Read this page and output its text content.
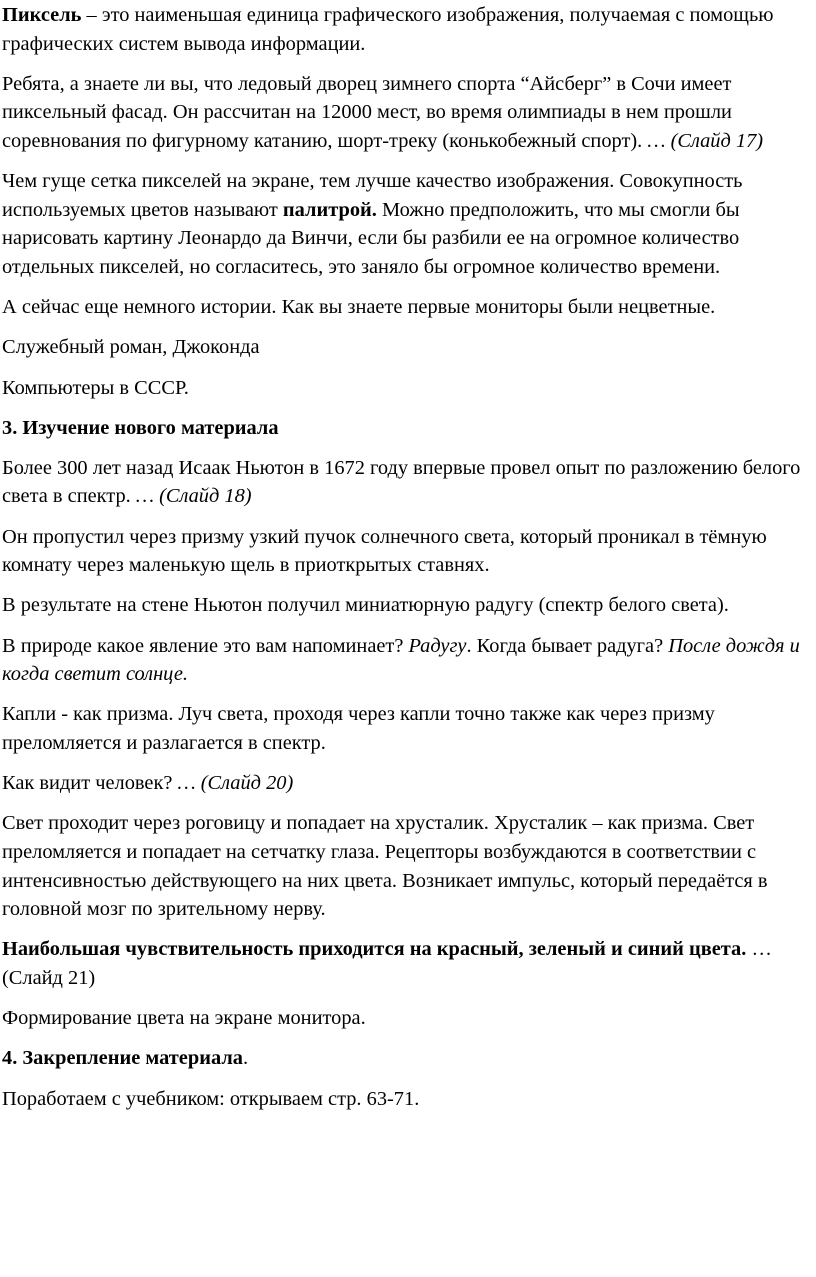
Пиксель – это наименьшая единица графического изображения, получаемая с помощью графических систем вывода информации.

Ребята, а знаете ли вы, что ледовый дворец зимнего спорта “Айсберг” в Сочи имеет пиксельный фасад. Он рассчитан на 12000 мест, во время олимпиады в нем прошли соревнования по фигурному катанию, шорт-треку (конькобежный спорт). … (Слайд 17)

Чем гуще сетка пикселей на экране, тем лучше качество изображения. Совокупность используемых цветов называют палитрой. Можно предположить, что мы смогли бы нарисовать картину Леонардо да Винчи, если бы разбили ее на огромное количество отдельных пикселей, но согласитесь, это заняло бы огромное количество времени.

А сейчас еще немного истории. Как вы знаете первые мониторы были нецветные.

Служебный роман, Джоконда

Компьютеры в СССР.

3. Изучение нового материала

Более 300 лет назад Исаак Ньютон в 1672 году впервые провел опыт по разложению белого света в спектр. … (Слайд 18)

Он пропустил через призму узкий пучок солнечного света, который проникал в тёмную комнату через маленькую щель в приоткрытых ставнях.

В результате на стене Ньютон получил миниатюрную радугу (спектр белого света).

В природе какое явление это вам напоминает? Радугу. Когда бывает радуга? После дождя и когда светит солнце.

Капли - как призма. Луч света, проходя через капли точно также как через призму преломляется и разлагается в спектр.

Как видит человек? … (Слайд 20)

Свет проходит через роговицу и попадает на хрусталик. Хрусталик – как призма. Свет преломляется и попадает на сетчатку глаза. Рецепторы возбуждаются в соответствии с интенсивностью действующего на них цвета. Возникает импульс, который передаётся в головной мозг по зрительному нерву.

Наибольшая чувствительность приходится на красный, зеленый и синий цвета. … (Слайд 21)

Формирование цвета на экране монитора.

4. Закрепление материала.

Поработаем с учебником: открываем стр. 63-71.
